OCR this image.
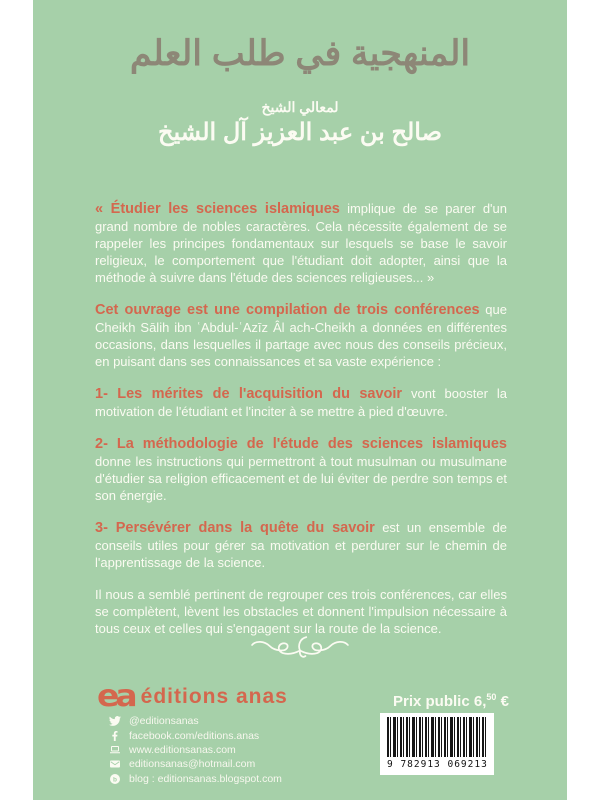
المنهجية في طلب العلم
لمعالي الشيخ
صالح بن عبد العزيز آل الشيخ

« Étudier les sciences islamiques implique de se parer d'un grand nombre de nobles caractères. Cela nécessite également de se rappeler les principes fondamentaux sur lesquels se base le savoir religieux, le comportement que l'étudiant doit adopter, ainsi que la méthode à suivre dans l'étude des sciences religieuses... »

Cet ouvrage est une compilation de trois conférences que Cheikh Sālih ibn ʿAbdul-ʿAzīz Âl ach-Cheikh a données en différentes occasions, dans lesquelles il partage avec nous des conseils précieux, en puisant dans ses connaissances et sa vaste expérience :

1- Les mérites de l'acquisition du savoir vont booster la motivation de l'étudiant et l'inciter à se mettre à pied d'œuvre.

2- La méthodologie de l'étude des sciences islamiques donne les instructions qui permettront à tout musulman ou musulmane d'étudier sa religion efficacement et de lui éviter de perdre son temps et son énergie.

3- Persévérer dans la quête du savoir est un ensemble de conseils utiles pour gérer sa motivation et perdurer sur le chemin de l'apprentissage de la science.

Il nous a semblé pertinent de regrouper ces trois conférences, car elles se complètent, lèvent les obstacles et donnent l'impulsion nécessaire à tous ceux et celles qui s'engagent sur la route de la science.

ea éditions anas
@editionsanas
facebook.com/editions.anas
www.editionsanas.com
editionsanas@hotmail.com
b blog : editionsanas.blogspot.com
Prix public 6,50 €
9 782913 069213
